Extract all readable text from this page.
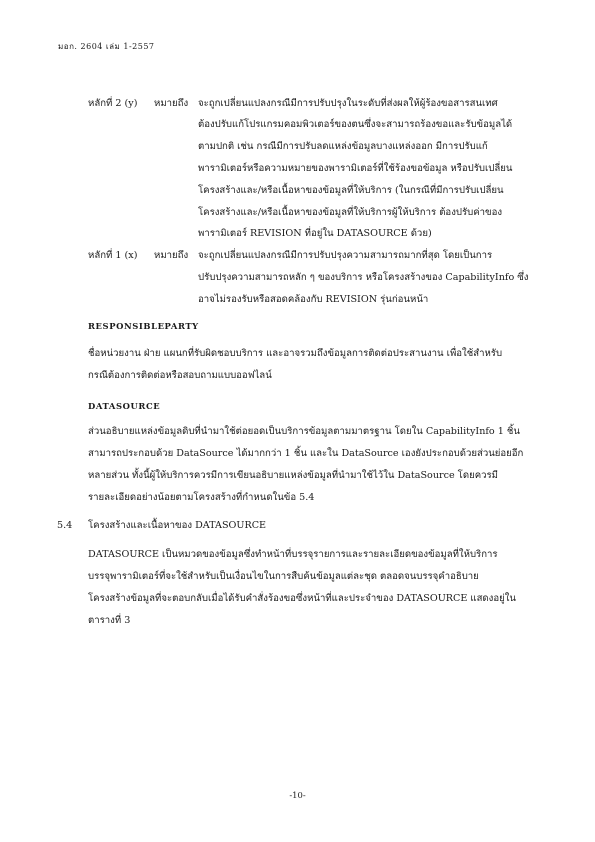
มอก. 2604 เล่ม 1-2557
หลักที่ 2 (y) หมายถึง จะถูกเปลี่ยนแปลงกรณีมีการปรับปรุงในระดับที่ส่งผลให้ผู้ร้องขอสารสนเทศ
ต้องปรับแก้โปรแกรมคอมพิวเตอร์ของตนซึ่งจะสามารถร้องขอและรับข้อมูลได้
ตามปกติ เช่น กรณีมีการปรับลดแหล่งข้อมูลบางแหล่งออก มีการปรับแก้
พารามิเตอร์หรือความหมายของพารามิเตอร์ที่ใช้ร้องขอข้อมูล หรือปรับเปลี่ยน
โครงสร้างและ/หรือเนื้อหาของข้อมูลที่ให้บริการ (ในกรณีที่มีการปรับเปลี่ยน
โครงสร้างและ/หรือเนื้อหาของข้อมูลที่ให้บริการผู้ให้บริการ ต้องปรับค่าของ
พารามิเตอร์ REVISION ที่อยู่ใน DATASOURCE ด้วย)
หลักที่ 1 (x) หมายถึง จะถูกเปลี่ยนแปลงกรณีมีการปรับปรุงความสามารถมากที่สุด โดยเป็นการ
ปรับปรุงความสามารถหลัก ๆ ของบริการ หรือโครงสร้างของ CapabilityInfo ซึ่ง
อาจไม่รองรับหรือสอดคล้องกับ REVISION รุ่นก่อนหน้า
RESPONSIBLEPARTY
ชื่อหน่วยงาน ฝ่าย แผนกที่รับผิดชอบบริการ และอาจรวมถึงข้อมูลการติดต่อประสานงาน เพื่อใช้สำหรับ
กรณีต้องการติดต่อหรือสอบถามแบบออฟไลน์
DATASOURCE
ส่วนอธิบายแหล่งข้อมูลดิบที่นำมาใช้ต่อยอดเป็นบริการข้อมูลตามมาตรฐาน โดยใน CapabilityInfo 1 ชิ้น
สามารถประกอบด้วย DataSource ได้มากกว่า 1 ชิ้น และใน DataSource เองยังประกอบด้วยส่วนย่อยอีก
หลายส่วน ทั้งนี้ผู้ให้บริการควรมีการเขียนอธิบายแหล่งข้อมูลที่นำมาใช้ไว้ใน DataSource โดยควรมี
รายละเอียดอย่างน้อยตามโครงสร้างที่กำหนดในข้อ 5.4
5.4 โครงสร้างและเนื้อหาของ DATASOURCE
DATASOURCE เป็นหมวดของข้อมูลซึ่งทำหน้าที่บรรจุรายการและรายละเอียดของข้อมูลที่ให้บริการ
บรรจุพารามิเตอร์ที่จะใช้สำหรับเป็นเงื่อนไขในการสืบค้นข้อมูลแต่ละชุด ตลอดจนบรรจุคำอธิบาย
โครงสร้างข้อมูลที่จะตอบกลับเมื่อได้รับคำสั่งร้องขอซึ่งหน้าที่และประจำของ DATASOURCE แสดงอยู่ใน
ตารางที่ 3
-10-
